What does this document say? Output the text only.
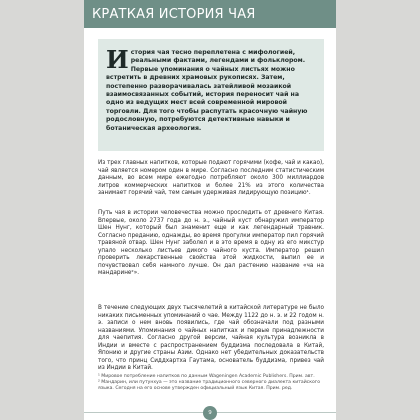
КРАТКАЯ ИСТОРИЯ ЧАЯ
История чая тесно переплетена с мифологией, реальными фактами, легендами и фольклором. Первые упоминания о чайных листьях можно встретить в древних храмовых рукописях. Затем, постепенно разворачивалась затейливой мозаикой взаимосвязанных событий, история переносит чай на одно из ведущих мест всей современной мировой торговли. Для того чтобы распутать красочную чайную родословную, потребуются детективные навыки и ботаническая археология.

Из трех главных напитков, которые подают горячими (кофе, чай и какао), чай является номером один в мире. Согласно последним статистическим данным, во всем мире ежегодно потребляют около 300 миллиардов литров коммерческих напитков и более 21% из этого количества занимает горячий чай, тем самым удерживая лидирующую позицию¹.

Путь чая в истории человечества можно проследить от древнего Китая. Впервые, около 2737 года до н. э., чайный куст обнаружил император Шен Нунг, который был знаменит еще и как легендарный травник. Согласно преданию, однажды, во время прогулки император пил горячий травяной отвар. Шен Нунг заболел и в это время в одну из его микстур упало несколько листьев дикого чайного куста. Император решил проверить лекарственные свойства этой жидкости, выпил ее и почувствовал себя намного лучше. Он дал растению название «ча на мандарине²».

В течение следующих двух тысячелетий в китайской литературе не было никаких письменных упоминаний о чае. Между 1122 до н. э. и 22 годом н. э. записи о нем вновь появились, где чай обозначали под разными названиями. Упоминания о чайных напитках и первые принадлежности для чаепития. Согласно другой версии, чайная культура возникла в Индии и вместе с распространением буддизма последовала в Китай, Японию и другие страны Азии. Однако нет убедительных доказательств того, что принц Сиддхартха Гаутама, основатель буддизма, привез чай из Индии в Китай.

¹ Мировое потребление напитков по данным Wageningen Academic Publishers. Прим. авт.

² Мандарин, или путунхуа — это название традиционного северного диалекта китайского языка. Сегодня на его основе утвержден официальный язык Китая. Прим. ред.

9
